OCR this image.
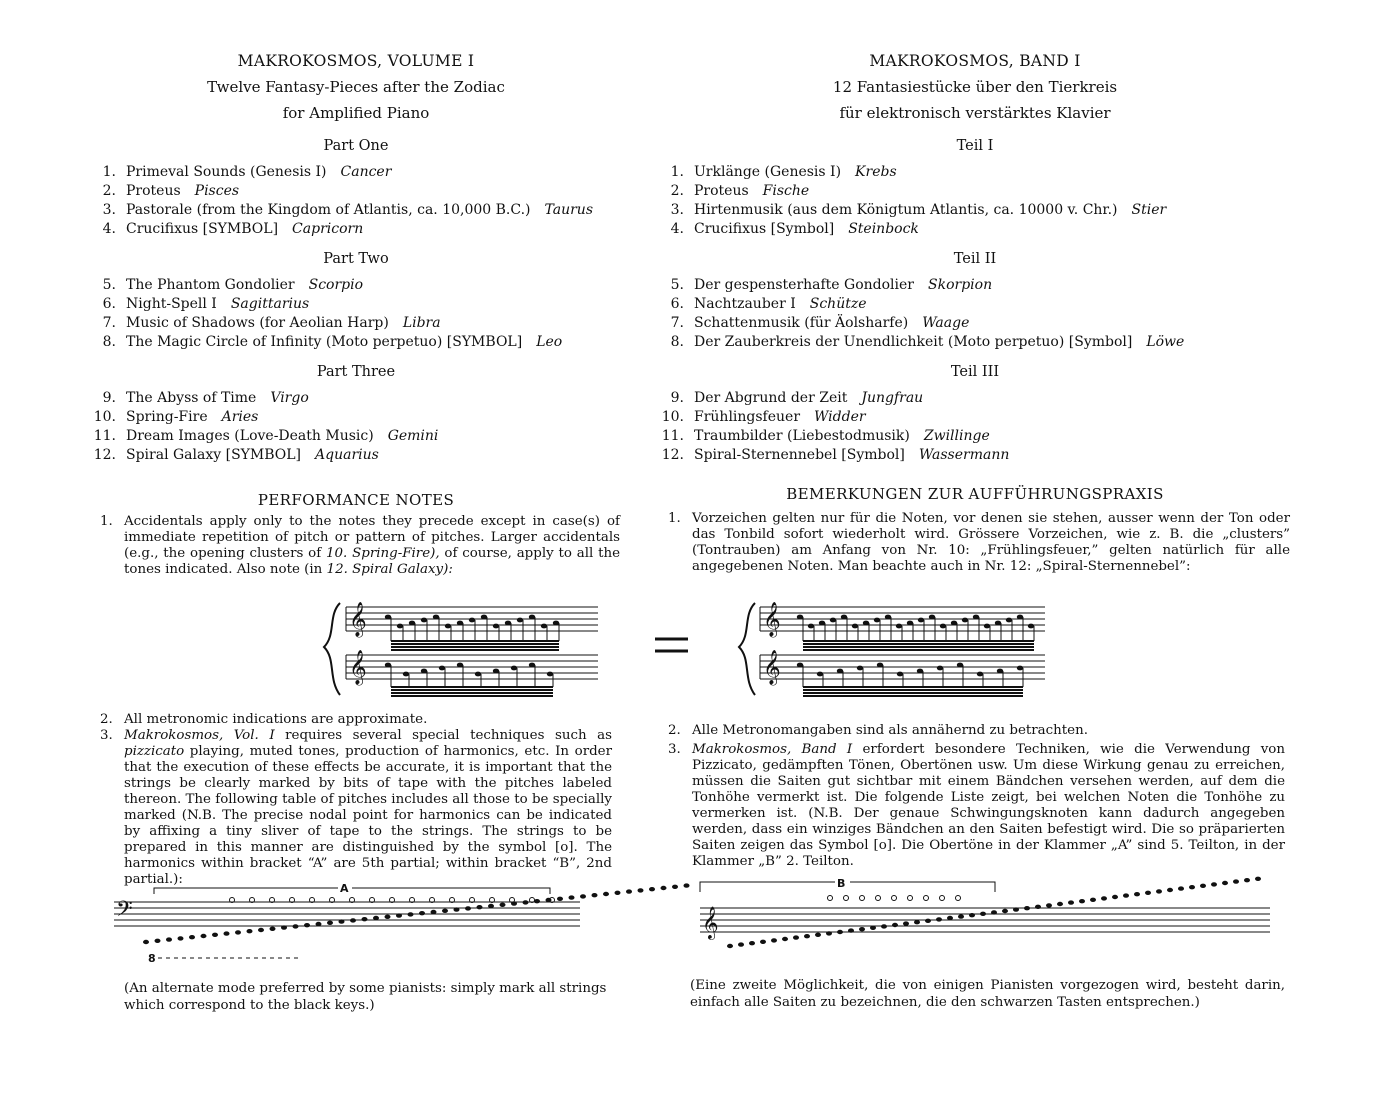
MAKROKOSMOS, VOLUME I
Twelve Fantasy-Pieces after the Zodiac
for Amplified Piano
Part One
1. Primeval Sounds (Genesis I) Cancer
2. Proteus Pisces
3. Pastorale (from the Kingdom of Atlantis, ca. 10,000 B.C.) Taurus
4. Crucifixus [SYMBOL] Capricorn
Part Two
5. The Phantom Gondolier Scorpio
6. Night-Spell I Sagittarius
7. Music of Shadows (for Aeolian Harp) Libra
8. The Magic Circle of Infinity (Moto perpetuo) [SYMBOL] Leo
Part Three
9. The Abyss of Time Virgo
10. Spring-Fire Aries
11. Dream Images (Love-Death Music) Gemini
12. Spiral Galaxy [SYMBOL] Aquarius
PERFORMANCE NOTES
1. Accidentals apply only to the notes they precede except in case(s) of immediate repetition of pitch or pattern of pitches. Larger accidentals (e.g., the opening clusters of 10. Spring-Fire), of course, apply to all the tones indicated. Also note (in 12. Spiral Galaxy):
2. All metronomic indications are approximate.
3. Makrokosmos, Vol. I requires several special techniques such as pizzicato playing, muted tones, production of harmonics, etc. In order that the execution of these effects be accurate, it is important that the strings be clearly marked by bits of tape with the pitches labeled thereon. The following table of pitches includes all those to be specially marked (N.B. The precise nodal point for harmonics can be indicated by affixing a tiny sliver of tape to the strings. The strings to be prepared in this manner are distinguished by the symbol [o]. The harmonics within bracket “A” are 5th partial; within bracket “B”, 2nd partial.):
MAKROKOSMOS, BAND I
12 Fantasiestücke über den Tierkreis
für elektronisch verstärktes Klavier
Teil I
1. Urklänge (Genesis I) Krebs
2. Proteus Fische
3. Hirtenmusik (aus dem Königtum Atlantis, ca. 10000 v. Chr.) Stier
4. Crucifixus [Symbol] Steinbock
Teil II
5. Der gespensterhafte Gondolier Skorpion
6. Nachtzauber I Schütze
7. Schattenmusik (für Äolsharfe) Waage
8. Der Zauberkreis der Unendlichkeit (Moto perpetuo) [Symbol] Löwe
Teil III
9. Der Abgrund der Zeit Jungfrau
10. Frühlingsfeuer Widder
11. Traumbilder (Liebestodmusik) Zwillinge
12. Spiral-Sternennebel [Symbol] Wassermann
BEMERKUNGEN ZUR AUFFÜHRUNGSPRAXIS
1. Vorzeichen gelten nur für die Noten, vor denen sie stehen, ausser wenn der Ton oder das Tonbild sofort wiederholt wird. Grössere Vorzeichen, wie z. B. die „clusters” (Tontrauben) am Anfang von Nr. 10: „Frühlingsfeuer,” gelten natürlich für alle angegebenen Noten. Man beachte auch in Nr. 12: „Spiral-Sternennebel”:
2. Alle Metronomangaben sind als annähernd zu betrachten.
3. Makrokosmos, Band I erfordert besondere Techniken, wie die Verwendung von Pizzicato, gedämpften Tönen, Obertönen usw. Um diese Wirkung genau zu erreichen, müssen die Saiten gut sichtbar mit einem Bändchen versehen werden, auf dem die Tonhöhe vermerkt ist. Die folgende Liste zeigt, bei welchen Noten die Tonhöhe zu vermerken ist. (N.B. Der genaue Schwingungsknoten kann dadurch angegeben werden, dass ein winziges Bändchen an den Saiten befestigt wird. Die so präparierten Saiten zeigen das Symbol [o]. Die Obertöne in der Klammer „A” sind 5. Teilton, in der Klammer „B” 2. Teilton.
𝄞
𝄞
𝄞
𝄞
𝄢	𝄞
A	B
8
(An alternate mode preferred by some pianists: simply mark all strings which correspond to the black keys.)
(Eine zweite Möglichkeit, die von einigen Pianisten vorgezogen wird, besteht darin, einfach alle Saiten zu bezeichnen, die den schwarzen Tasten entsprechen.)
